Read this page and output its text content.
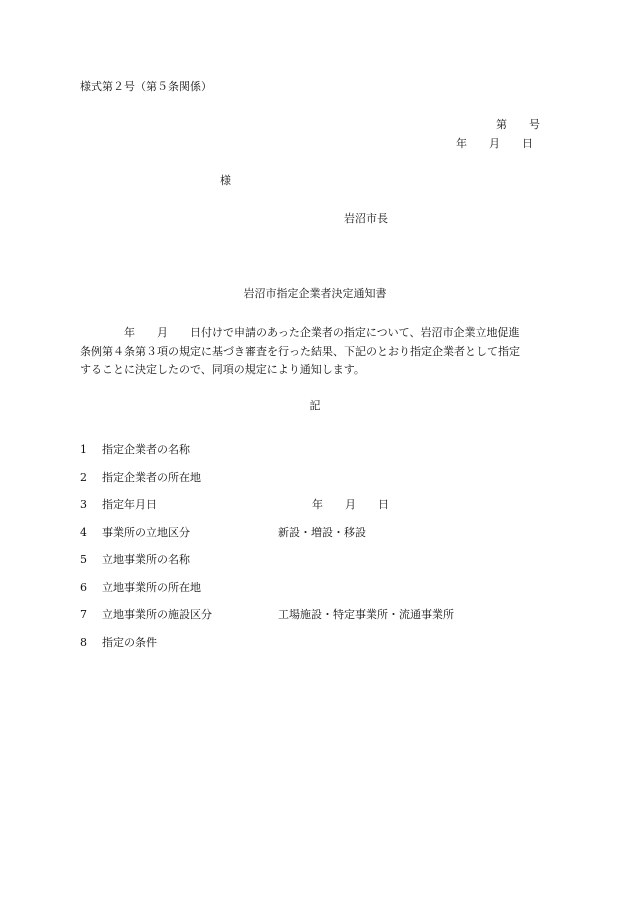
様式第２号（第５条関係）
第　　号
年　　月　　日
様
岩沼市長
岩沼市指定企業者決定通知書
　　　　年　　月　　日付けで申請のあった企業者の指定について、岩沼市企業立地促進
条例第４条第３項の規定に基づき審査を行った結果、下記のとおり指定企業者として指定
することに決定したので、同項の規定により通知します。
記
1 指定企業者の名称
2 指定企業者の所在地
3 指定年月日	年　　月　　日
4 事業所の立地区分	新設・増設・移設
5 立地事業所の名称
6 立地事業所の所在地
7 立地事業所の施設区分	工場施設・特定事業所・流通事業所
8 指定の条件
